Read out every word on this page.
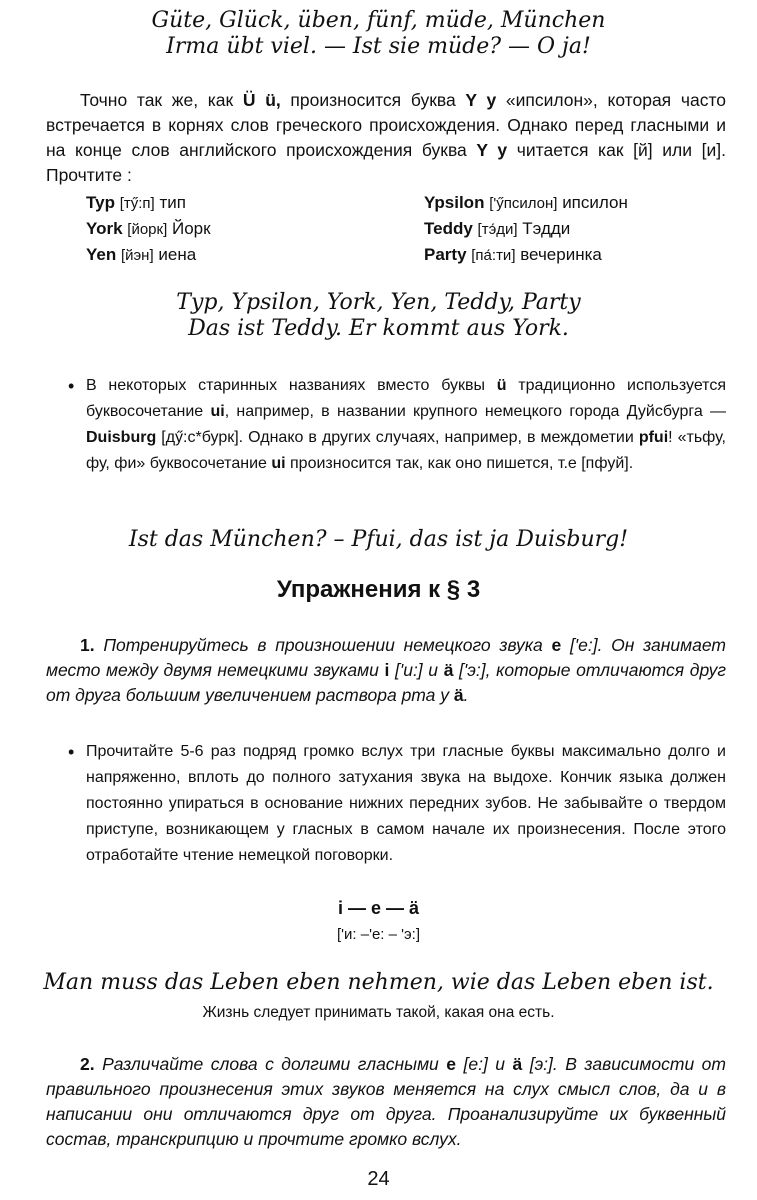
Güte, Glück, üben, fünf, müde, München
Irma übt viel. — Ist sie müde? — O ja!
Точно так же, как Ü ü, произносится буква Y y «ипсилон», которая часто встречается в корнях слов греческого происхождения. Однако перед гласными и на конце слов английского происхождения буква Y y читается как [й] или [и]. Прочтите :
Typ [тӳ:п] тип	Ypsilon ['ӳпсилон] ипсилон
York [йорк] Йорк	Teddy [тэ́ди] Тэдди
Yen [йэн] иена	Party [па́:ти] вечеринка
Typ, Ypsilon, York, Yen, Teddy, Party
Das ist Teddy. Er kommt aus York.
• В некоторых старинных названиях вместо буквы ü традиционно используется буквосочетание ui, например, в названии крупного немецкого города Дуйсбурга — Duisburg [дӳ:с*бурк]. Однако в других случаях, например, в междометии pfui! «тьфу, фу, фи» буквосочетание ui произносится так, как оно пишется, т.е [пфуй].
Ist das München? – Pfui, das ist ja Duisburg!
Упражнения к § 3
1. Потренируйтесь в произношении немецкого звука e ['е:]. Он занимает место между двумя немецкими звуками i ['и:] и ä ['э:], которые отличаются друг от друга большим увеличением раствора рта у ä.
• Прочитайте 5-6 раз подряд громко вслух три гласные буквы максимально долго и напряженно, вплоть до полного затухания звука на выдохе. Кончик языка должен постоянно упираться в основание нижних передних зубов. Не забывайте о твердом приступе, возникающем у гласных в самом начале их произнесения. После этого отработайте чтение немецкой поговорки.
i — e — ä
['и: –'е: – 'э:]
Man muss das Leben eben nehmen, wie das Leben eben ist.
Жизнь следует принимать такой, какая она есть.
2. Различайте слова с долгими гласными e [е:] и ä [э:]. В зависимости от правильного произнесения этих звуков меняется на слух смысл слов, да и в написании они отличаются друг от друга. Проанализируйте их буквенный состав, транскрипцию и прочтите громко вслух.
24
